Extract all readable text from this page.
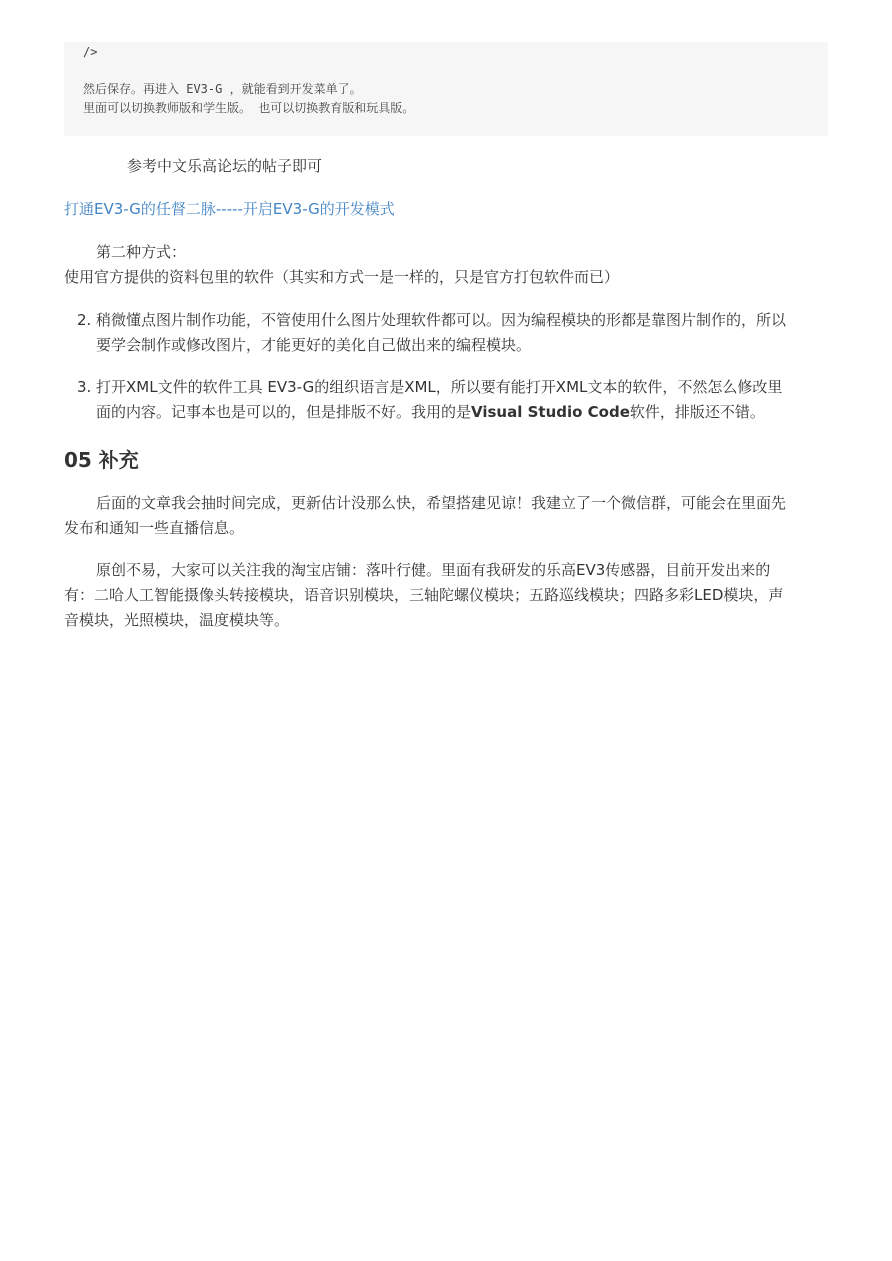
/>
然后保存。再进入 EV3-G ，就能看到开发菜单了。
里面可以切换教师版和学生版。 也可以切换教育版和玩具版。
参考中文乐高论坛的帖子即可
打通EV3-G的任督二脉-----开启EV3-G的开发模式
第二种方式：
使用官方提供的资料包里的软件（其实和方式一是一样的，只是官方打包软件而已）
2. 稍微懂点图片制作功能，不管使用什么图片处理软件都可以。因为编程模块的形都是靠图片制作的，所以
要学会制作或修改图片，才能更好的美化自己做出来的编程模块。
3. 打开XML文件的软件工具 EV3-G的组织语言是XML，所以要有能打开XML文本的软件，不然怎么修改里
面的内容。记事本也是可以的，但是排版不好。我用的是Visual Studio Code软件，排版还不错。
05 补充
后面的文章我会抽时间完成，更新估计没那么快，希望搭建见谅！我建立了一个微信群，可能会在里面先
发布和通知一些直播信息。
原创不易，大家可以关注我的淘宝店铺：落叶行健。里面有我研发的乐高EV3传感器，目前开发出来的
有：二哈人工智能摄像头转接模块，语音识别模块，三轴陀螺仪模块；五路巡线模块；四路多彩LED模块，声
音模块，光照模块，温度模块等。
